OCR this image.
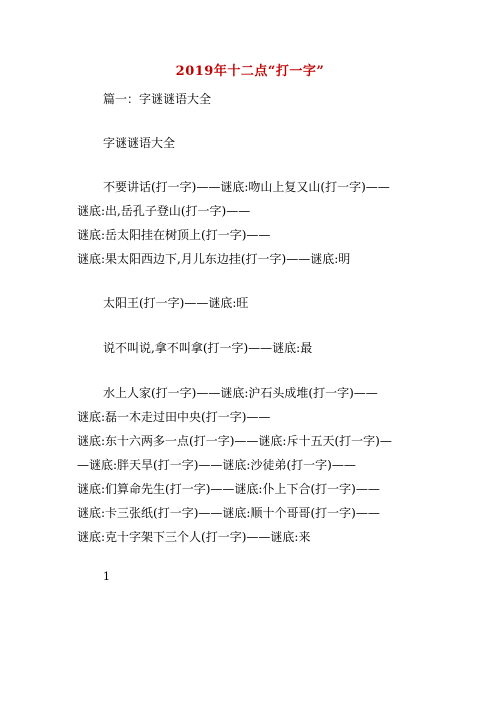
2019年十二点“打一字”
篇一：字谜谜语大全
字谜谜语大全
不要讲话(打一字)——谜底:吻山上复又山(打一字)——
谜底:出,岳孔子登山(打一字)——
谜底:岳太阳挂在树顶上(打一字)——
谜底:果太阳西边下,月儿东边挂(打一字)——谜底:明
太阳王(打一字)——谜底:旺
说不叫说,拿不叫拿(打一字)——谜底:最
水上人家(打一字)——谜底:沪石头成堆(打一字)——
谜底:磊一木走过田中央(打一字)——
谜底:东十六两多一点(打一字)——谜底:斥十五天(打一字)—
—谜底:胖天旱(打一字)——谜底:沙徒弟(打一字)——
谜底:们算命先生(打一字)——谜底:仆上下合(打一字)——
谜底:卡三张纸(打一字)——谜底:顺十个哥哥(打一字)——
谜底:克十字架下三个人(打一字)——谜底:来
1
